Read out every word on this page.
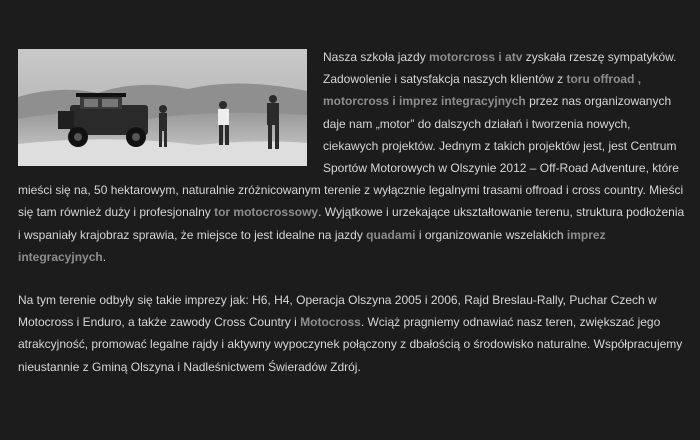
Nasza szkoła jazdy motorcross i atv zyskała rzeszę sympatyków. Zadowolenie i satysfakcja naszych klientów z toru offroad , motorcross i imprez integracyjnych przez nas organizowanych daje nam „motor” do dalszych działań i tworzenia nowych, ciekawych projektów. Jednym z takich projektów jest, jest Centrum Sportów Motorowych w Olszynie 2012 – Off-Road Adventure, które mieści się na, 50 hektarowym, naturalnie zróżnicowanym terenie z wyłącznie legalnymi trasami offroad i cross country. Mieści się tam również duży i profesjonalny tor motocrossowy. Wyjątkowe i urzekające ukształtowanie terenu, struktura podłożenia i wspaniały krajobraz sprawia, że miejsce to jest idealne na jazdy quadami i organizowanie wszelakich imprez integracyjnych.

Na tym terenie odbyły się takie imprezy jak: H6, H4, Operacja Olszyna 2005 i 2006, Rajd Breslau-Rally, Puchar Czech w Motocross i Enduro, a także zawody Cross Country i Motocross. Wciąż pragniemy odnawiać nasz teren, zwiększać jego atrakcyjność, promować legalne rajdy i aktywny wypoczynek połączony z dbałością o środowisko naturalne. Współpracujemy nieustannie z Gminą Olszyna i Nadleśnictwem Świeradów Zdrój.
